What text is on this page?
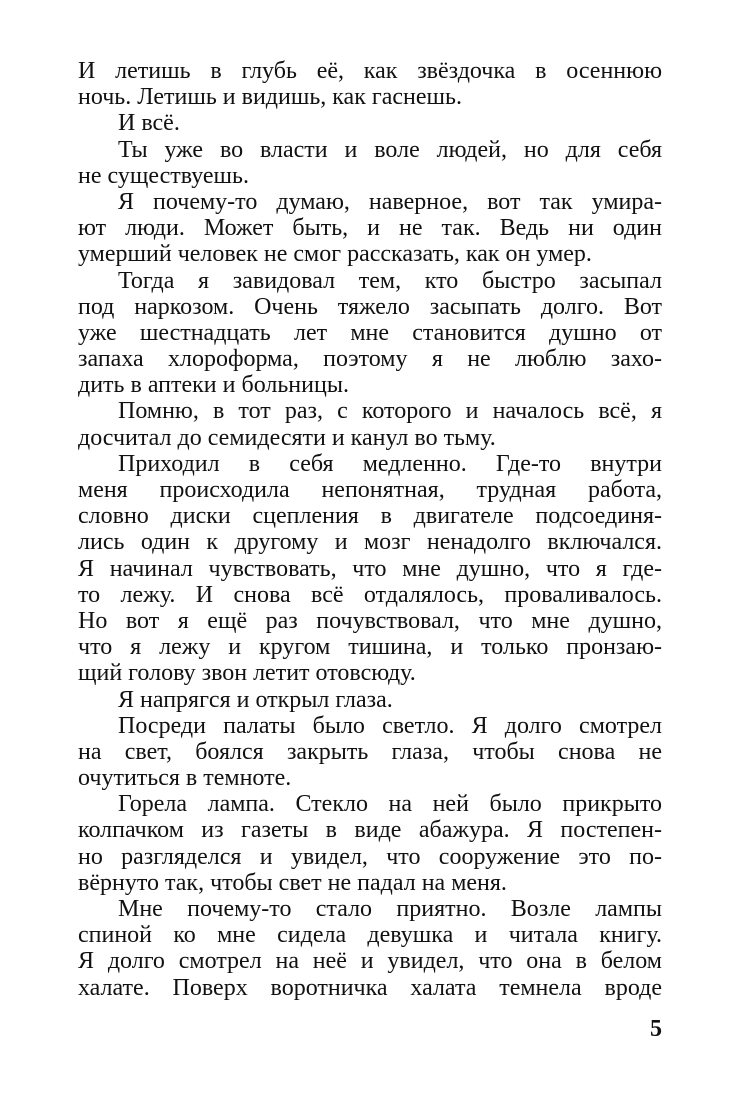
И летишь в глубь её, как звёздочка в осеннюю
ночь. Летишь и видишь, как гаснешь.
И всё.
Ты уже во власти и воле людей, но для себя
не существуешь.
Я почему-то думаю, наверное, вот так умира-
ют люди. Может быть, и не так. Ведь ни один
умерший человек не смог рассказать, как он умер.
Тогда я завидовал тем, кто быстро засыпал
под наркозом. Очень тяжело засыпать долго. Вот
уже шестнадцать лет мне становится душно от
запаха хлороформа, поэтому я не люблю захо-
дить в аптеки и больницы.
Помню, в тот раз, с которого и началось всё, я
досчитал до семидесяти и канул во тьму.
Приходил в себя медленно. Где-то внутри
меня происходила непонятная, трудная работа,
словно диски сцепления в двигателе подсоединя-
лись один к другому и мозг ненадолго включался.
Я начинал чувствовать, что мне душно, что я где-
то лежу. И снова всё отдалялось, проваливалось.
Но вот я ещё раз почувствовал, что мне душно,
что я лежу и кругом тишина, и только пронзаю-
щий голову звон летит отовсюду.
Я напрягся и открыл глаза.
Посреди палаты было светло. Я долго смотрел
на свет, боялся закрыть глаза, чтобы снова не
очутиться в темноте.
Горела лампа. Стекло на ней было прикрыто
колпачком из газеты в виде абажура. Я постепен-
но разгляделся и увидел, что сооружение это по-
вёрнуто так, чтобы свет не падал на меня.
Мне почему-то стало приятно. Возле лампы
спиной ко мне сидела девушка и читала книгу.
Я долго смотрел на неё и увидел, что она в белом
халате. Поверх воротничка халата темнела вроде
5
